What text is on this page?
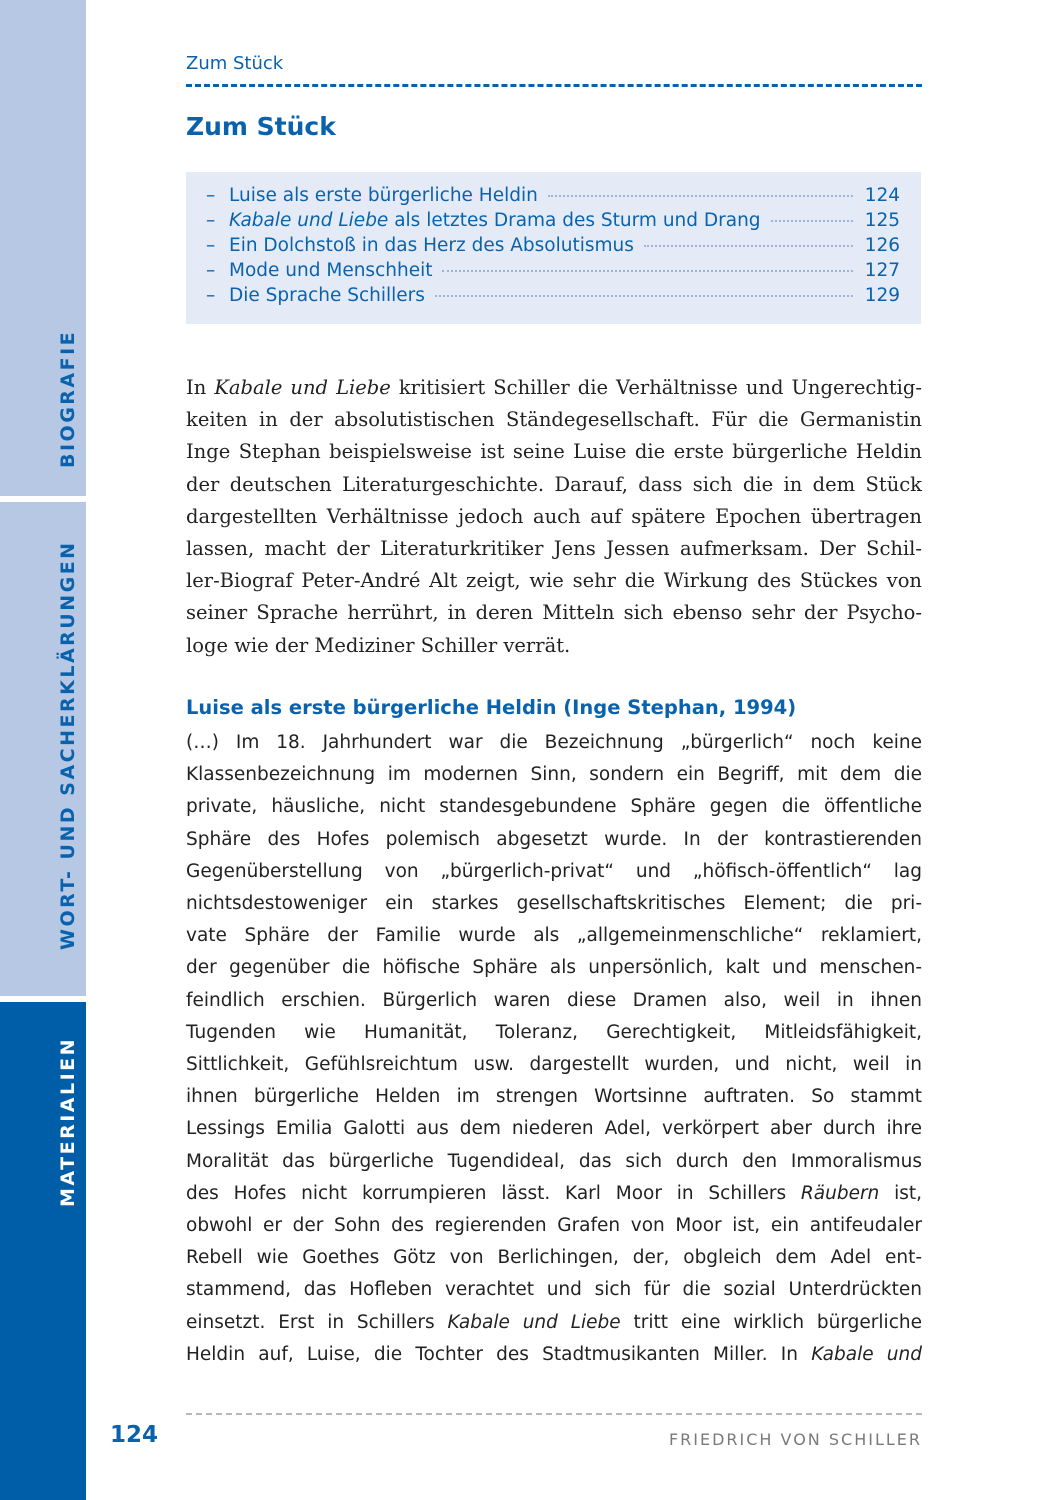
BIOGRAFIE
WORT- UND SACHERKLÄRUNGEN
MATERIALIEN
Zum Stück
Zum Stück
– Luise als erste bürgerliche Heldin	124
– Kabale und Liebe als letztes Drama des Sturm und Drang	125
– Ein Dolchstoß in das Herz des Absolutismus	126
– Mode und Menschheit	127
– Die Sprache Schillers	129

In Kabale und Liebe kritisiert Schiller die Verhältnisse und Ungerechtig-
keiten in der absolutistischen Ständegesellschaft. Für die Germanistin
Inge Stephan beispielsweise ist seine Luise die erste bürgerliche Heldin
der deutschen Literaturgeschichte. Darauf, dass sich die in dem Stück
dargestellten Verhältnisse jedoch auch auf spätere Epochen übertragen
lassen, macht der Literaturkritiker Jens Jessen aufmerksam. Der Schil-
ler-Biograf Peter-André Alt zeigt, wie sehr die Wirkung des Stückes von
seiner Sprache herrührt, in deren Mitteln sich ebenso sehr der Psycho-
loge wie der Mediziner Schiller verrät.

Luise als erste bürgerliche Heldin (Inge Stephan, 1994)

(…) Im 18. Jahrhundert war die Bezeichnung „bürgerlich“ noch keine
Klassenbezeichnung im modernen Sinn, sondern ein Begriff, mit dem die
private, häusliche, nicht standesgebundene Sphäre gegen die öffentliche
Sphäre des Hofes polemisch abgesetzt wurde. In der kontrastierenden
Gegenüberstellung von „bürgerlich-privat“ und „höfisch-öffentlich“ lag
nichtsdestoweniger ein starkes gesellschaftskritisches Element; die pri-
vate Sphäre der Familie wurde als „allgemeinmenschliche“ reklamiert,
der gegenüber die höfische Sphäre als unpersönlich, kalt und menschen-
feindlich erschien. Bürgerlich waren diese Dramen also, weil in ihnen
Tugenden wie Humanität, Toleranz, Gerechtigkeit, Mitleidsfähigkeit,
Sittlichkeit, Gefühlsreichtum usw. dargestellt wurden, und nicht, weil in
ihnen bürgerliche Helden im strengen Wortsinne auftraten. So stammt
Lessings Emilia Galotti aus dem niederen Adel, verkörpert aber durch ihre
Moralität das bürgerliche Tugendideal, das sich durch den Immoralismus
des Hofes nicht korrumpieren lässt. Karl Moor in Schillers Räubern ist,
obwohl er der Sohn des regierenden Grafen von Moor ist, ein antifeudaler
Rebell wie Goethes Götz von Berlichingen, der, obgleich dem Adel ent-
stammend, das Hofleben verachtet und sich für die sozial Unterdrückten
einsetzt. Erst in Schillers Kabale und Liebe tritt eine wirklich bürgerliche
Heldin auf, Luise, die Tochter des Stadtmusikanten Miller. In Kabale und

124	FRIEDRICH VON SCHILLER
